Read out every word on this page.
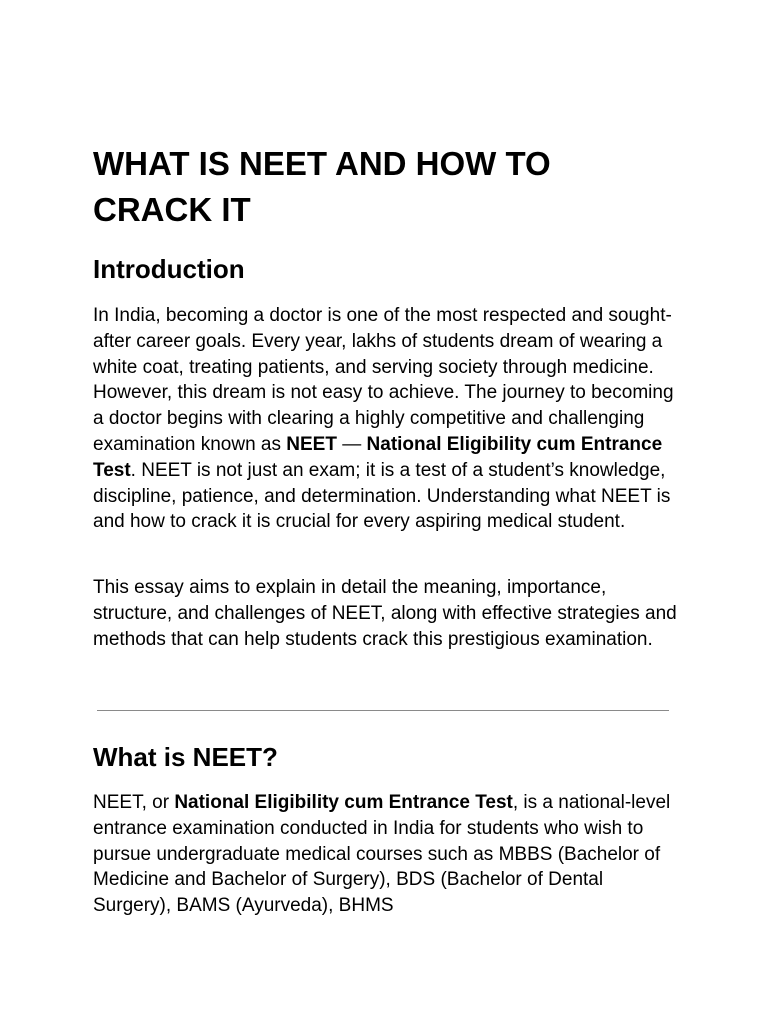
WHAT IS NEET AND HOW TO CRACK IT
Introduction

In India, becoming a doctor is one of the most respected and sought-after career goals. Every year, lakhs of students dream of wearing a white coat, treating patients, and serving society through medicine. However, this dream is not easy to achieve. The journey to becoming a doctor begins with clearing a highly competitive and challenging examination known as NEET — National Eligibility cum Entrance Test. NEET is not just an exam; it is a test of a student’s knowledge, discipline, patience, and determination. Understanding what NEET is and how to crack it is crucial for every aspiring medical student.

This essay aims to explain in detail the meaning, importance, structure, and challenges of NEET, along with effective strategies and methods that can help students crack this prestigious examination.

What is NEET?

NEET, or National Eligibility cum Entrance Test, is a national-level entrance examination conducted in India for students who wish to pursue undergraduate medical courses such as MBBS (Bachelor of Medicine and Bachelor of Surgery), BDS (Bachelor of Dental Surgery), BAMS (Ayurveda), BHMS
